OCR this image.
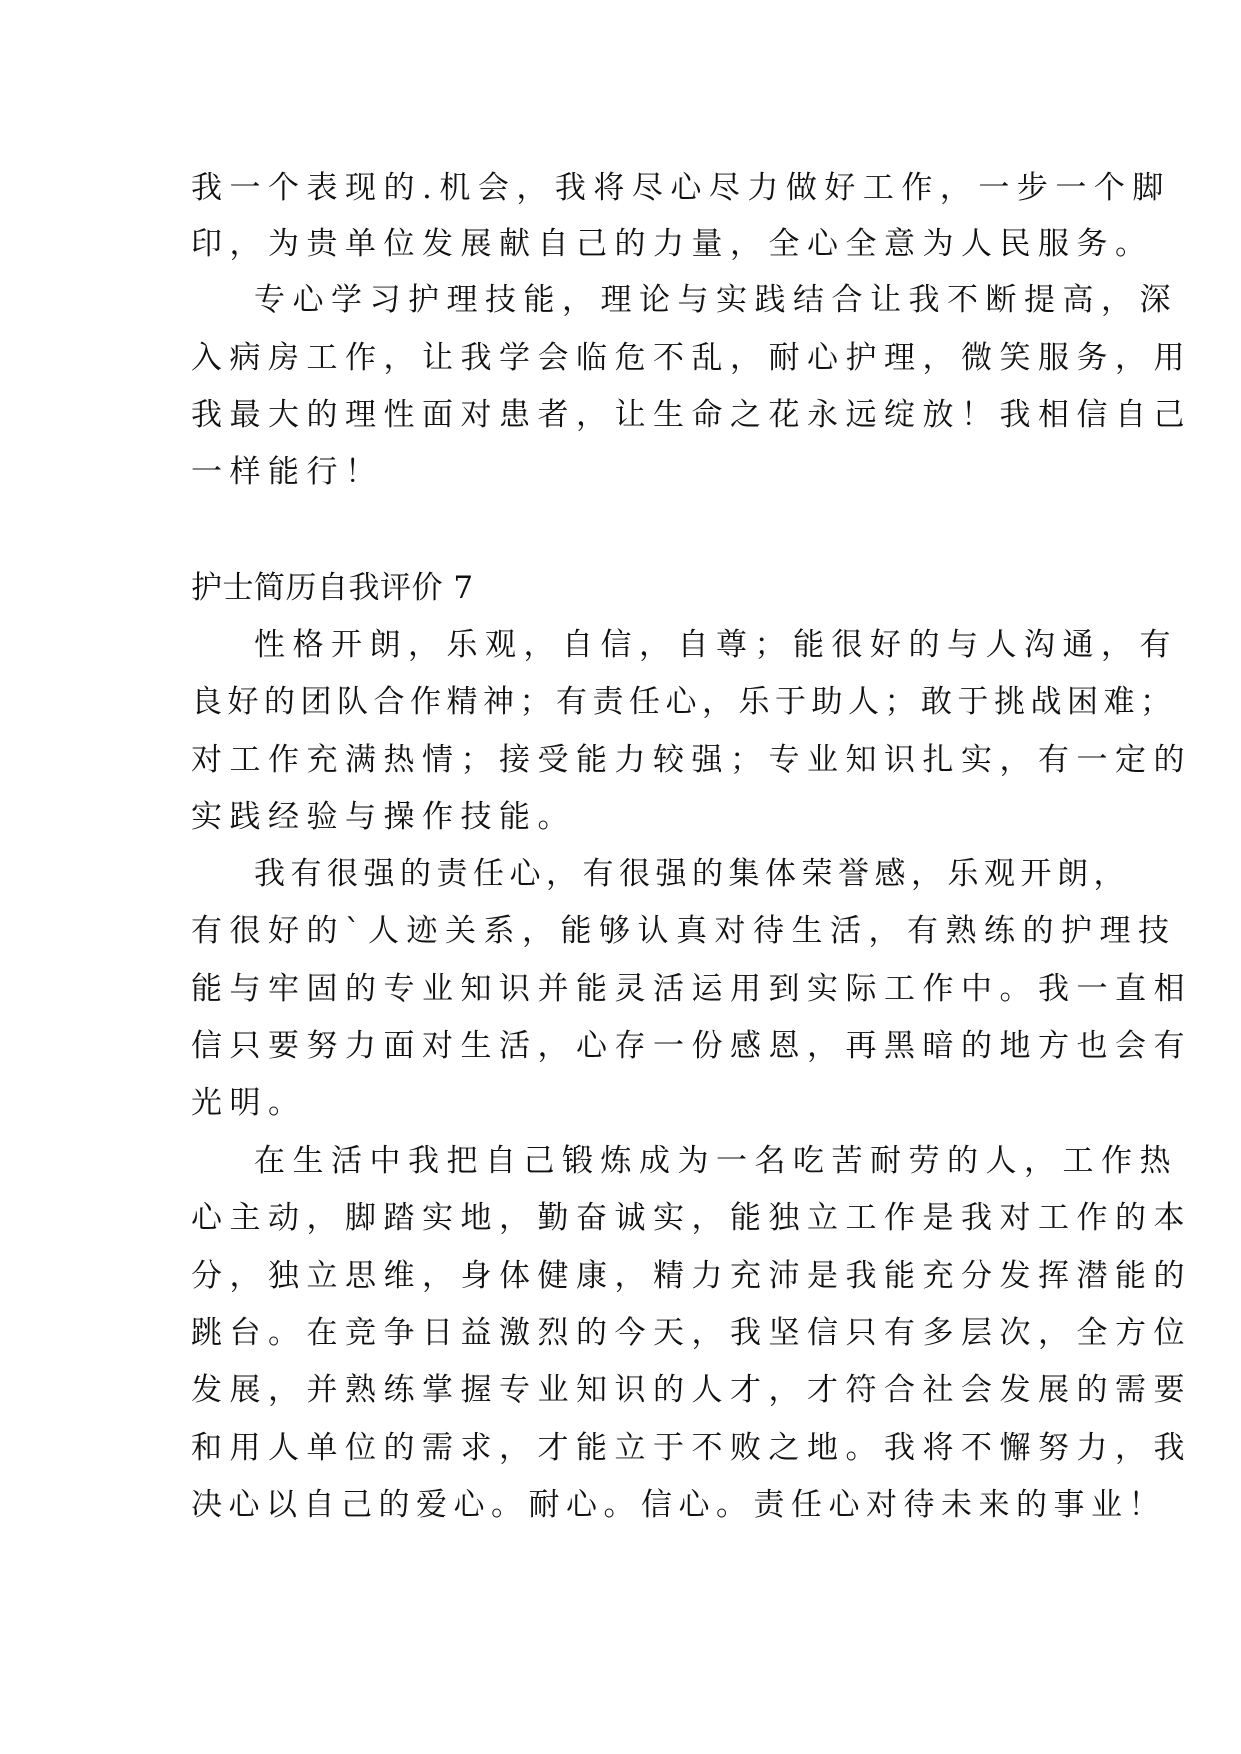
我一个表现的.机会，我将尽心尽力做好工作，一步一个脚
印，为贵单位发展献自己的力量，全心全意为人民服务。
专心学习护理技能，理论与实践结合让我不断提高，深
入病房工作，让我学会临危不乱，耐心护理，微笑服务，用
我最大的理性面对患者，让生命之花永远绽放！我相信自己
一样能行！
护士简历自我评价 7
性格开朗，乐观，自信，自尊；能很好的与人沟通，有
良好的团队合作精神；有责任心，乐于助人；敢于挑战困难；
对工作充满热情；接受能力较强；专业知识扎实，有一定的
实践经验与操作技能。
我有很强的责任心，有很强的集体荣誉感，乐观开朗，
有很好的`人迹关系，能够认真对待生活，有熟练的护理技
能与牢固的专业知识并能灵活运用到实际工作中。我一直相
信只要努力面对生活，心存一份感恩，再黑暗的地方也会有
光明。
在生活中我把自己锻炼成为一名吃苦耐劳的人，工作热
心主动，脚踏实地，勤奋诚实，能独立工作是我对工作的本
分，独立思维，身体健康，精力充沛是我能充分发挥潜能的
跳台。在竞争日益激烈的今天，我坚信只有多层次，全方位
发展，并熟练掌握专业知识的人才，才符合社会发展的需要
和用人单位的需求，才能立于不败之地。我将不懈努力，我
决心以自己的爱心。耐心。信心。责任心对待未来的事业！
